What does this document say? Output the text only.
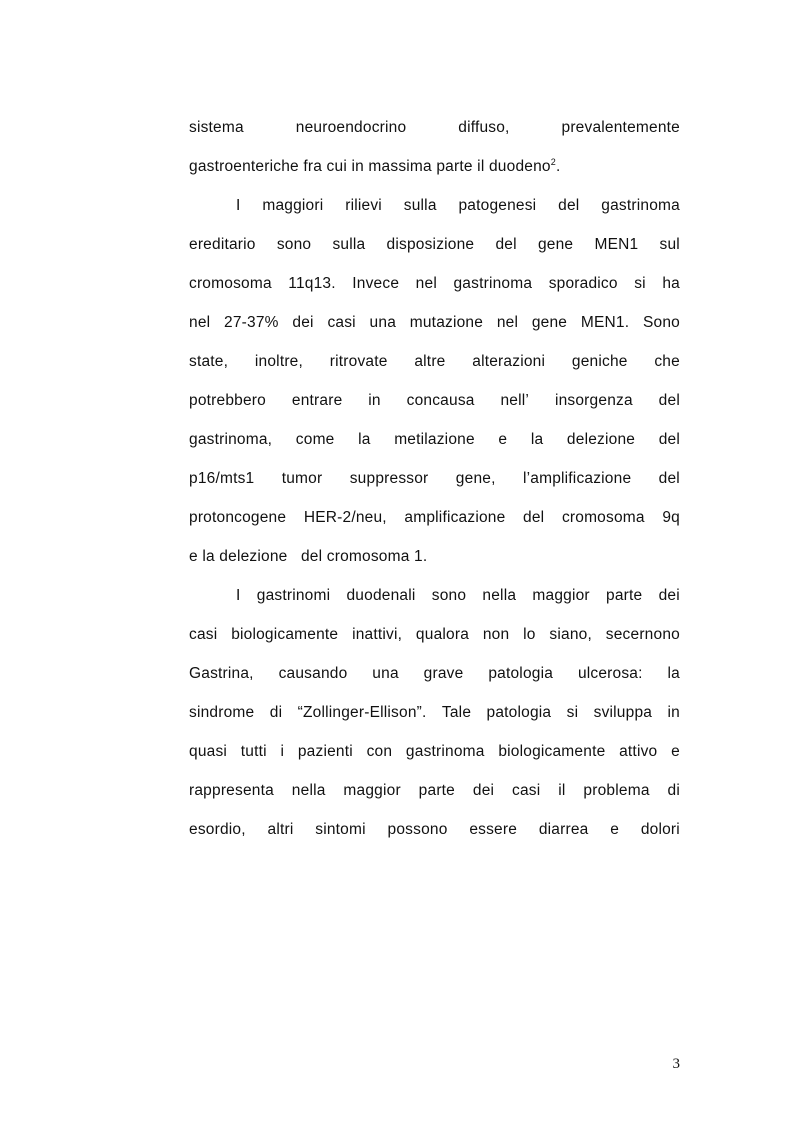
sistema	neuroendocrino	diffuso,	prevalentemente
gastroenteriche fra cui in massima parte il duodeno$^2$.
I maggiori rilievi sulla patogenesi del gastrinoma
ereditario sono sulla disposizione del gene MEN1 sul
cromosoma 11q13. Invece nel gastrinoma sporadico si ha
nel 27-37% dei casi una mutazione nel gene MEN1. Sono
state, inoltre, ritrovate altre alterazioni geniche che
potrebbero entrare in concausa nell’ insorgenza del
gastrinoma, come la metilazione e la delezione del
p16/mts1 tumor suppressor gene, l’amplificazione del
protoncogene HER-2/neu, amplificazione del cromosoma 9q
e la delezione   del cromosoma 1.
I gastrinomi duodenali sono nella maggior parte dei
casi biologicamente inattivi, qualora non lo siano, secernono
Gastrina, causando una grave patologia ulcerosa: la
sindrome di “Zollinger-Ellison”. Tale patologia si sviluppa in
quasi tutti i pazienti con gastrinoma biologicamente attivo e
rappresenta nella maggior parte dei casi il problema di
esordio, altri sintomi possono essere diarrea e dolori
3
